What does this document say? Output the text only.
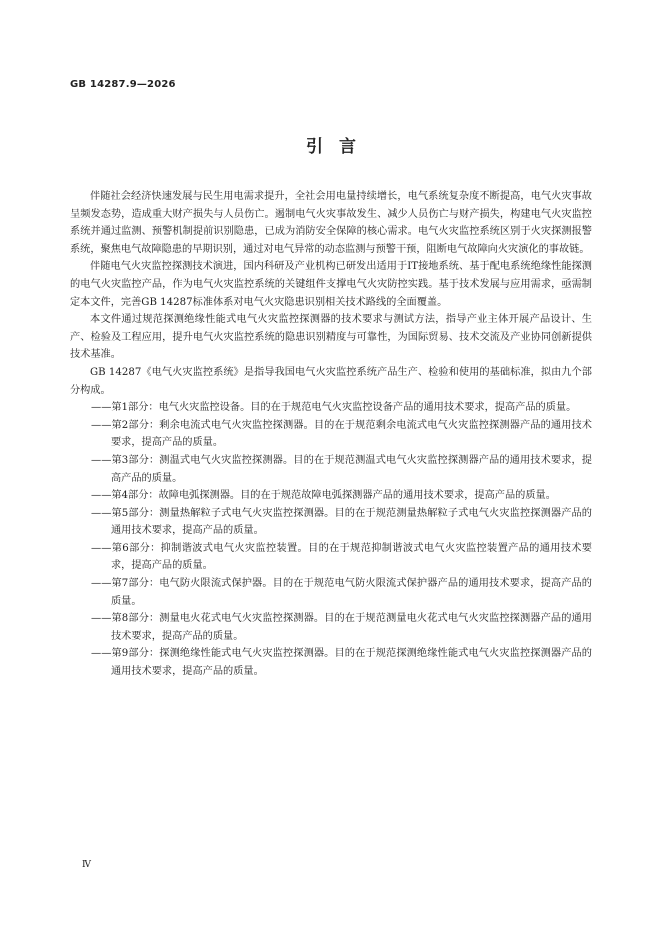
GB 14287.9—2026
引言

伴随社会经济快速发展与民生用电需求提升，全社会用电量持续增长，电气系统复杂度不断提高，电气火灾事故呈频发态势，造成重大财产损失与人员伤亡。遏制电气火灾事故发生、减少人员伤亡与财产损失，构建电气火灾监控系统并通过监测、预警机制提前识别隐患，已成为消防安全保障的核心需求。电气火灾监控系统区别于火灾探测报警系统，聚焦电气故障隐患的早期识别，通过对电气异常的动态监测与预警干预，阻断电气故障向火灾演化的事故链。

伴随电气火灾监控探测技术演进，国内科研及产业机构已研发出适用于IT接地系统、基于配电系统绝缘性能探测的电气火灾监控产品，作为电气火灾监控系统的关键组件支撑电气火灾防控实践。基于技术发展与应用需求，亟需制定本文件，完善GB 14287标准体系对电气火灾隐患识别相关技术路线的全面覆盖。

本文件通过规范探测绝缘性能式电气火灾监控探测器的技术要求与测试方法，指导产业主体开展产品设计、生产、检验及工程应用，提升电气火灾监控系统的隐患识别精度与可靠性，为国际贸易、技术交流及产业协同创新提供技术基准。

GB 14287《电气火灾监控系统》是指导我国电气火灾监控系统产品生产、检验和使用的基础标准，拟由九个部分构成。

——第1部分：电气火灾监控设备。目的在于规范电气火灾监控设备产品的通用技术要求，提高产品的质量。

——第2部分：剩余电流式电气火灾监控探测器。目的在于规范剩余电流式电气火灾监控探测器产品的通用技术要求，提高产品的质量。

——第3部分：测温式电气火灾监控探测器。目的在于规范测温式电气火灾监控探测器产品的通用技术要求，提高产品的质量。

——第4部分：故障电弧探测器。目的在于规范故障电弧探测器产品的通用技术要求，提高产品的质量。

——第5部分：测量热解粒子式电气火灾监控探测器。目的在于规范测量热解粒子式电气火灾监控探测器产品的通用技术要求，提高产品的质量。

——第6部分：抑制谐波式电气火灾监控装置。目的在于规范抑制谐波式电气火灾监控装置产品的通用技术要求，提高产品的质量。

——第7部分：电气防火限流式保护器。目的在于规范电气防火限流式保护器产品的通用技术要求，提高产品的质量。

——第8部分：测量电火花式电气火灾监控探测器。目的在于规范测量电火花式电气火灾监控探测器产品的通用技术要求，提高产品的质量。

——第9部分：探测绝缘性能式电气火灾监控探测器。目的在于规范探测绝缘性能式电气火灾监控探测器产品的通用技术要求，提高产品的质量。

Ⅳ
